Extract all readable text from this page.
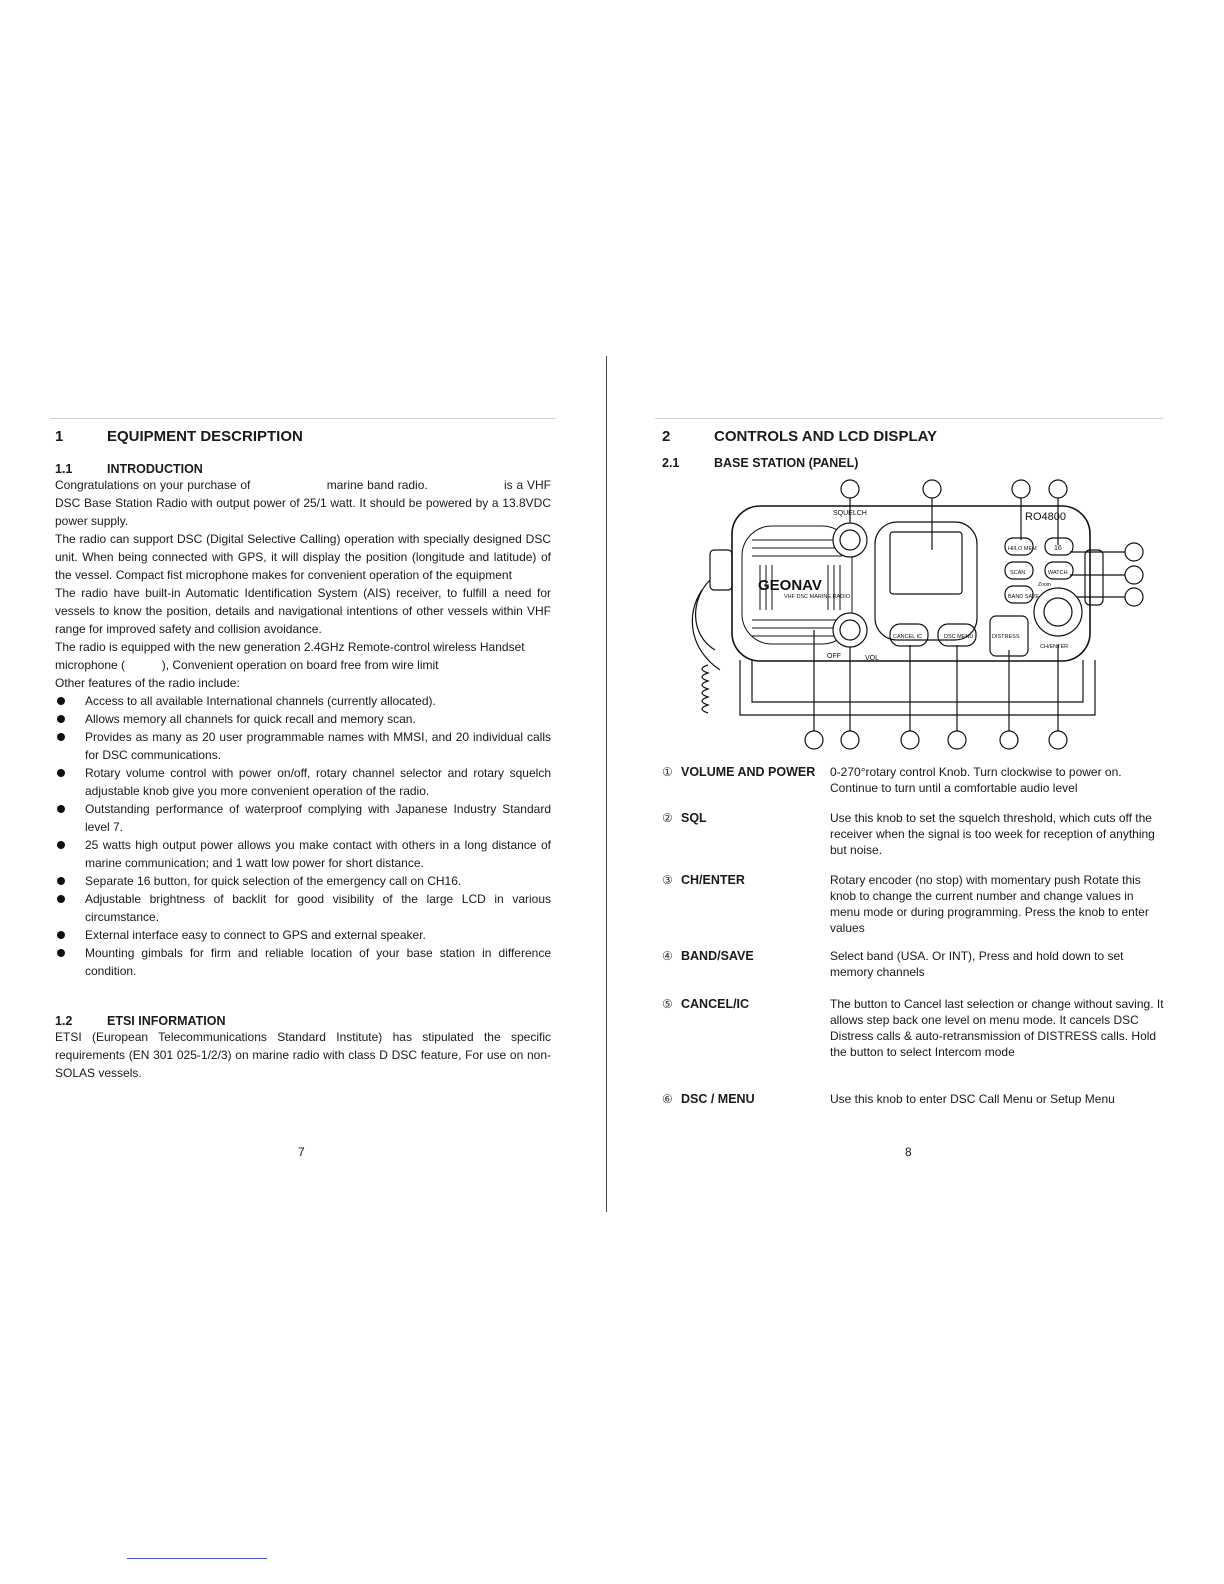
1	EQUIPMENT DESCRIPTION
1.1	INTRODUCTION
Congratulations on your purchase of                    marine band radio.                    is a VHF DSC Base Station Radio with output power of 25/1 watt. It should be powered by a 13.8VDC power supply.
The radio can support DSC (Digital Selective Calling) operation with specially designed DSC unit. When being connected with GPS, it will display the position (longitude and latitude) of the vessel. Compact fist microphone makes for convenient operation of the equipment
The radio have built-in Automatic Identification System (AIS) receiver, to fulfill a need for vessels to know the position, details and navigational intentions of other vessels within VHF range for improved safety and collision avoidance.
The radio is equipped with the new generation 2.4GHz Remote-control wireless Handset microphone (           ), Convenient operation on board free from wire limit
Other features of the radio include:
Access to all available International channels (currently allocated).
Allows memory all channels for quick recall and memory scan.
Provides as many as 20 user programmable names with MMSI, and 20 individual calls for DSC communications.
Rotary volume control with power on/off, rotary channel selector and rotary squelch adjustable knob give you more convenient operation of the radio.
Outstanding performance of waterproof complying with Japanese Industry Standard level 7.
25 watts high output power allows you make contact with others in a long distance of marine communication; and 1 watt low power for short distance.
Separate 16 button, for quick selection of the emergency call on CH16.
Adjustable brightness of backlit for good visibility of the large LCD in various circumstance.
External interface easy to connect to GPS and external speaker.
Mounting gimbals for firm and reliable location of your base station in difference condition.
1.2	ETSI INFORMATION
ETSI (European Telecommunications Standard Institute) has stipulated the specific requirements (EN 301 025-1/2/3) on marine radio with class D DSC feature, For use on non-SOLAS vessels.
7
2	CONTROLS AND LCD DISPLAY
2.1	BASE STATION (PANEL)
SQUELCH	RO4800
GEONAV
VHF DSC MARINE RADIO
OFF	VOL
HI/LO MEM 16
SCAN	WATCH
BAND SAVE
Zoom
CANCEL IC	DSC MENU	DISTRESS
CH/ENTER
① VOLUME AND POWER 0-270°rotary control Knob. Turn clockwise to power on. Continue to turn until a comfortable audio level
② SQL	Use this knob to set the squelch threshold, which cuts off the receiver when the signal is too week for reception of anything but noise.
③ CH/ENTER	Rotary encoder (no stop) with momentary push Rotate this knob to change the current number and change values in menu mode or during programming. Press the knob to enter values
④ BAND/SAVE	Select band (USA. Or INT), Press and hold down to set memory channels
⑤ CANCEL/IC	The button to Cancel last selection or change without saving. It allows step back one level on menu mode. It cancels DSC Distress calls & auto-retransmission of DISTRESS calls. Hold the button to select Intercom mode
⑥ DSC / MENU	Use this knob to enter DSC Call Menu or Setup Menu
8
